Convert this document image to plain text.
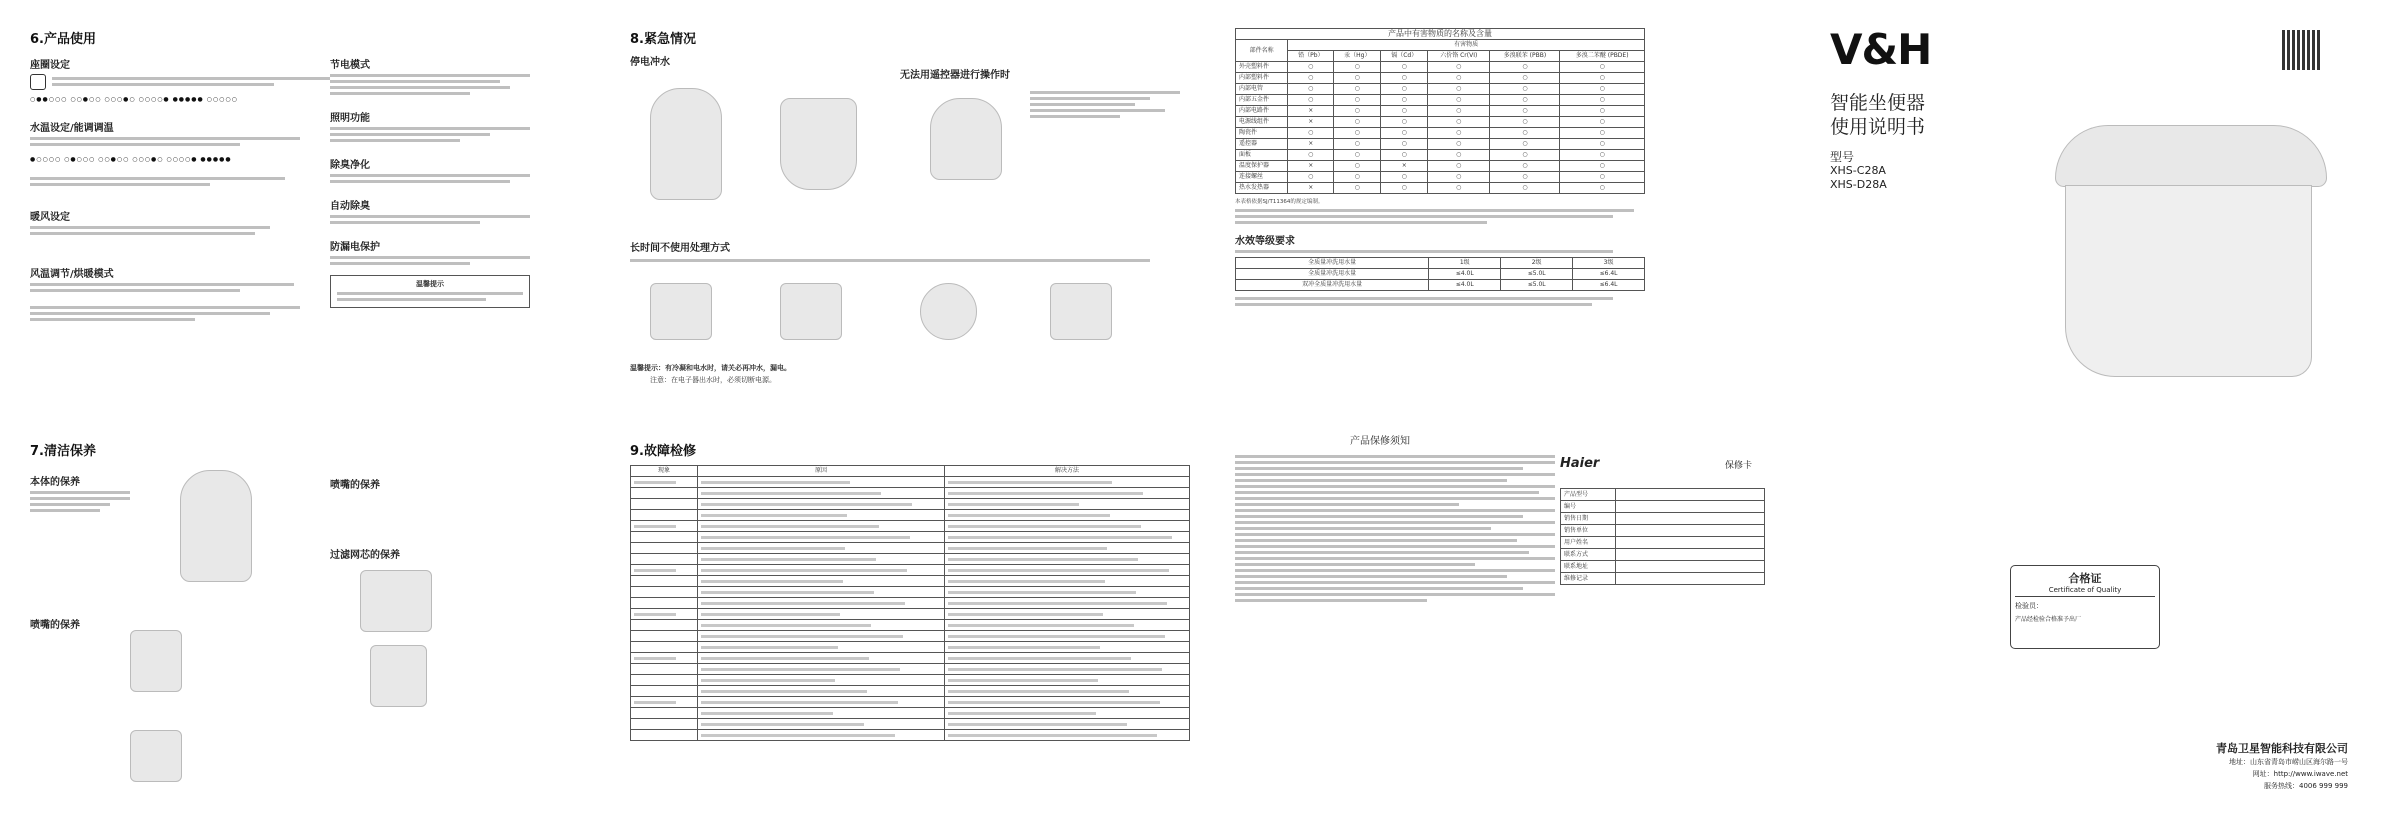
6.产品使用
座圈设定
○●●○○○ ○○●○○ ○○○●○ ○○○○● ●●●●● ○○○○○
水温设定/能调调温
●○○○○ ○●○○○ ○○●○○ ○○○●○ ○○○○● ●●●●●
暖风设定
风温调节/烘暖模式
节电模式
照明功能
除臭净化
自动除臭
防漏电保护
温馨提示
8.紧急情况
停电冲水
无法用遥控器进行操作时
长时间不使用处理方式
温馨提示：有冷凝和电水时，请关必再冲水，漏电。
注意：在电子器出水时，必须切断电源。
产品中有害物质的名称及含量						
部件名称	有害物质					
	铅（Pb）	汞（Hg）	镉（Cd）	六价铬 Cr(VI)	多溴联苯 (PBB)	多溴二苯醚 (PBDE)
外壳塑料件	○	○	○	○	○	○
内部塑料件	○	○	○	○	○	○
内部电管	○	○	○	○	○	○
内部五金件	○	○	○	○	○	○
内部电路件	×	○	○	○	○	○
电源线组件	×	○	○	○	○	○
陶瓷件	○	○	○	○	○	○
遥控器	×	○	○	○	○	○
面板	○	○	○	○	○	○
温度保护器	×	○	×	○	○	○
连接螺丝	○	○	○	○	○	○
热水发热器	×	○	○	○	○	○
本表格依据SJ/T11364的规定编制。
水效等级要求
全质量冲洗用水量	1级	2级	3级
全质量冲洗用水量	≤4.0L	≤5.0L	≤6.4L
双冲全质量冲洗用水量	≤4.0L	≤5.0L	≤6.4L
V&H
智能坐便器
使用说明书
型号
XHS-C28A
XHS-D28A
合格证
Certificate of Quality
检验员：
产品经检验合格准予出厂
青岛卫星智能科技有限公司
地址：山东省青岛市崂山区海尔路一号
网址：http://www.iwave.net
服务热线：4006 999 999
7.清洁保养
本体的保养
喷嘴的保养
喷嘴的保养
过滤网芯的保养
9.故障检修
现象	原因	解决方法

产品保修须知
Haier	保修卡
产品型号	
编号	
销售日期	
销售单位	
用户姓名	
联系方式	
联系地址	
维修记录	
